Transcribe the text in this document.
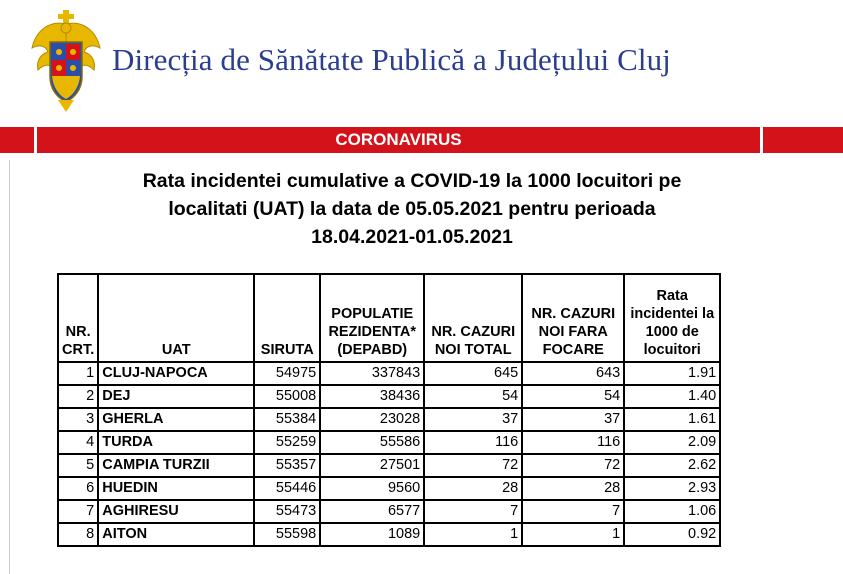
Direcția de Sănătate Publică a Județului Cluj
CORONAVIRUS
Rata incidentei cumulative a COVID-19 la 1000 locuitori pe
localitati (UAT) la data de 05.05.2021 pentru perioada
18.04.2021-01.05.2021
NR. CRT.	UAT	SIRUTA	POPULATIE REZIDENTA* (DEPABD)	NR. CAZURI NOI TOTAL	NR. CAZURI NOI FARA FOCARE	Rata incidentei la 1000 de locuitori
1	CLUJ-NAPOCA	54975	337843	645	643	1.91
2	DEJ	55008	38436	54	54	1.40
3	GHERLA	55384	23028	37	37	1.61
4	TURDA	55259	55586	116	116	2.09
5	CAMPIA TURZII	55357	27501	72	72	2.62
6	HUEDIN	55446	9560	28	28	2.93
7	AGHIRESU	55473	6577	7	7	1.06
8	AITON	55598	1089	1	1	0.92
